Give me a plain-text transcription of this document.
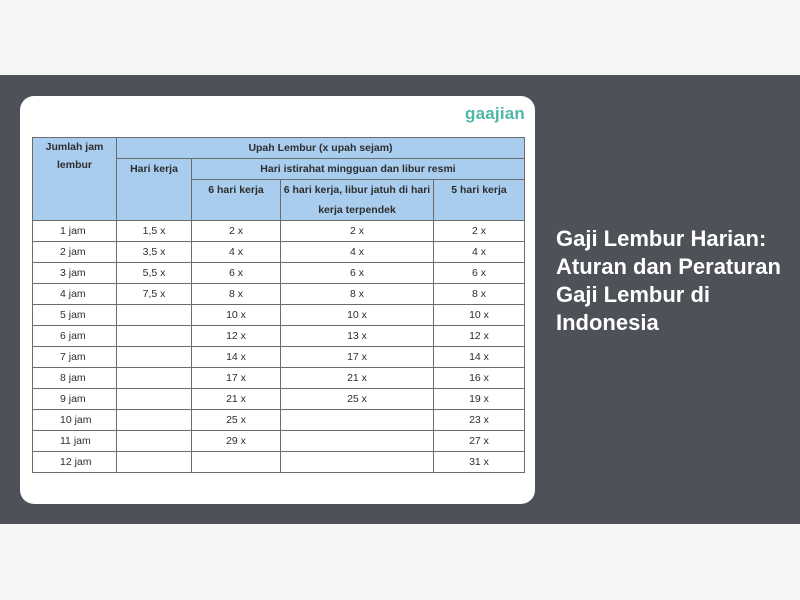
gaajian
Jumlah jam lembur	Upah Lembur (x upah sejam)			
	Hari kerja	Hari istirahat mingguan dan libur resmi		
		6 hari kerja	6 hari kerja, libur jatuh di hari kerja terpendek	5 hari kerja
1 jam	1,5 x	2 x	2 x	2 x
2 jam	3,5 x	4 x	4 x	4 x
3 jam	5,5 x	6 x	6 x	6 x
4 jam	7,5 x	8 x	8 x	8 x
5 jam		10 x	10 x	10 x
6 jam		12 x	13 x	12 x
7 jam		14 x	17 x	14 x
8 jam		17 x	21 x	16 x
9 jam		21 x	25 x	19 x
10 jam		25 x		23 x
11 jam		29 x		27 x
12 jam				31 x
Gaji Lembur Harian: Aturan dan Peraturan Gaji Lembur di Indonesia
